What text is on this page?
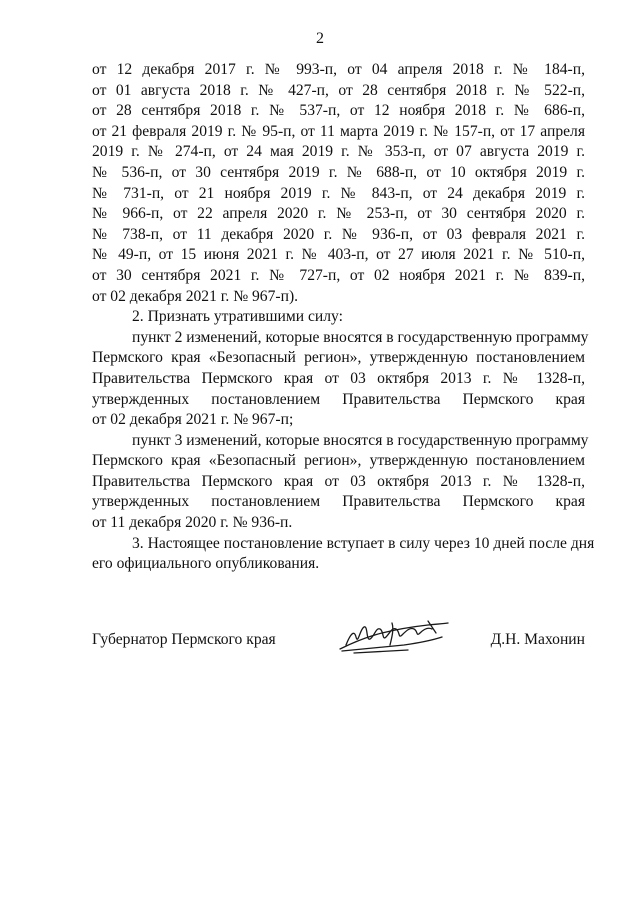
2
от 12 декабря 2017 г. № 993-п, от 04 апреля 2018 г. № 184-п,
от 01 августа 2018 г. № 427-п, от 28 сентября 2018 г. № 522-п,
от 28 сентября 2018 г. № 537-п, от 12 ноября 2018 г. № 686-п,
от 21 февраля 2019 г. № 95-п, от 11 марта 2019 г. № 157-п, от 17 апреля
2019 г. № 274-п, от 24 мая 2019 г. № 353-п, от 07 августа 2019 г.
№ 536-п, от 30 сентября 2019 г. № 688-п, от 10 октября 2019 г.
№ 731-п, от 21 ноября 2019 г. № 843-п, от 24 декабря 2019 г.
№ 966-п, от 22 апреля 2020 г. № 253-п, от 30 сентября 2020 г.
№ 738-п, от 11 декабря 2020 г. № 936-п, от 03 февраля 2021 г.
№ 49-п, от 15 июня 2021 г. № 403-п, от 27 июля 2021 г. № 510-п,
от 30 сентября 2021 г. № 727-п, от 02 ноября 2021 г. № 839-п,
от 02 декабря 2021 г. № 967-п).
2. Признать утратившими силу:
пункт 2 изменений, которые вносятся в государственную программу
Пермского края «Безопасный регион», утвержденную постановлением
Правительства Пермского края от 03 октября 2013 г. № 1328-п,
утвержденных постановлением Правительства Пермского края
от 02 декабря 2021 г. № 967-п;
пункт 3 изменений, которые вносятся в государственную программу
Пермского края «Безопасный регион», утвержденную постановлением
Правительства Пермского края от 03 октября 2013 г. № 1328-п,
утвержденных постановлением Правительства Пермского края
от 11 декабря 2020 г. № 936-п.
3. Настоящее постановление вступает в силу через 10 дней после дня
его официального опубликования.
Губернатор Пермского края	Д.Н. Махонин
